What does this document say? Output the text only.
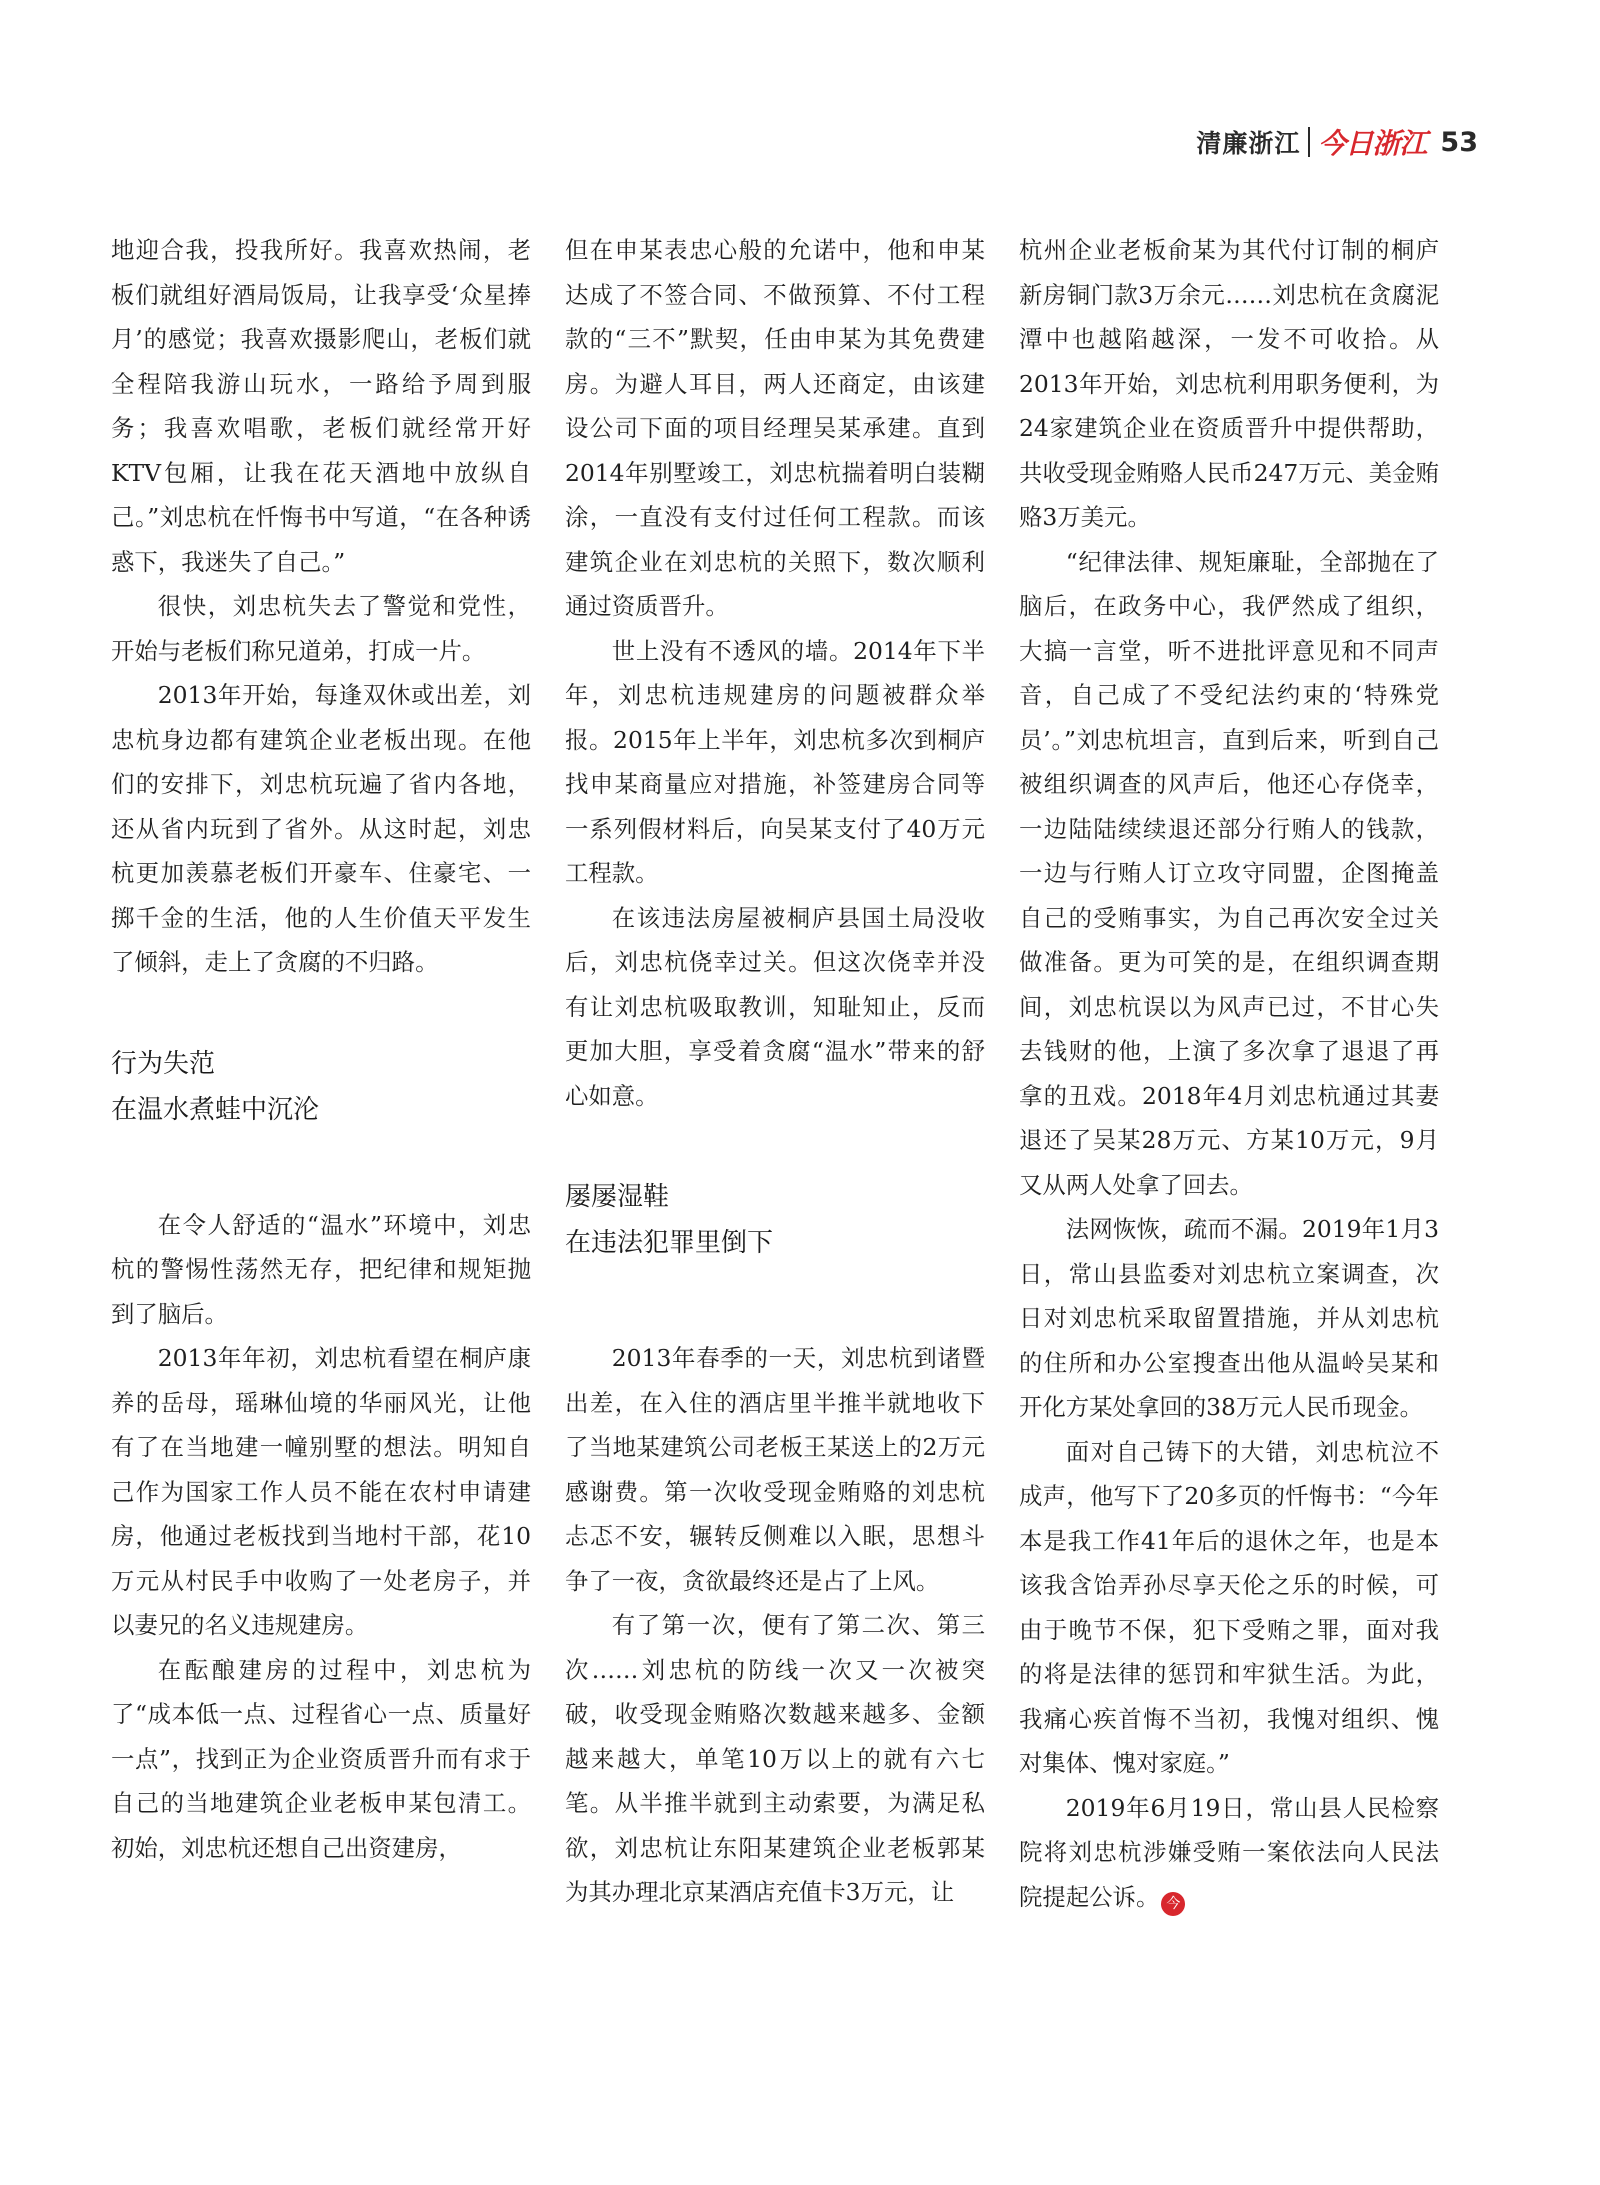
清廉浙江 今日浙江 53

地迎合我，投我所好。我喜欢热闹，老板们就组好酒局饭局，让我享受‘众星捧月’的感觉；我喜欢摄影爬山，老板们就全程陪我游山玩水，一路给予周到服务；我喜欢唱歌，老板们就经常开好KTV包厢，让我在花天酒地中放纵自己。”刘忠杭在忏悔书中写道，“在各种诱惑下，我迷失了自己。”

很快，刘忠杭失去了警觉和党性，开始与老板们称兄道弟，打成一片。

2013年开始，每逢双休或出差，刘忠杭身边都有建筑企业老板出现。在他们的安排下，刘忠杭玩遍了省内各地，还从省内玩到了省外。从这时起，刘忠杭更加羡慕老板们开豪车、住豪宅、一掷千金的生活，他的人生价值天平发生了倾斜，走上了贪腐的不归路。

行为失范
在温水煮蛙中沉沦

在令人舒适的“温水”环境中，刘忠杭的警惕性荡然无存，把纪律和规矩抛到了脑后。

2013年年初，刘忠杭看望在桐庐康养的岳母，瑶琳仙境的华丽风光，让他有了在当地建一幢别墅的想法。明知自己作为国家工作人员不能在农村申请建房，他通过老板找到当地村干部，花10万元从村民手中收购了一处老房子，并以妻兄的名义违规建房。

在酝酿建房的过程中，刘忠杭为了“成本低一点、过程省心一点、质量好一点”，找到正为企业资质晋升而有求于自己的当地建筑企业老板申某包清工。初始，刘忠杭还想自己出资建房，

但在申某表忠心般的允诺中，他和申某达成了不签合同、不做预算、不付工程款的“三不”默契，任由申某为其免费建房。为避人耳目，两人还商定，由该建设公司下面的项目经理吴某承建。直到2014年别墅竣工，刘忠杭揣着明白装糊涂，一直没有支付过任何工程款。而该建筑企业在刘忠杭的关照下，数次顺利通过资质晋升。

世上没有不透风的墙。2014年下半年，刘忠杭违规建房的问题被群众举报。2015年上半年，刘忠杭多次到桐庐找申某商量应对措施，补签建房合同等一系列假材料后，向吴某支付了40万元工程款。

在该违法房屋被桐庐县国土局没收后，刘忠杭侥幸过关。但这次侥幸并没有让刘忠杭吸取教训，知耻知止，反而更加大胆，享受着贪腐“温水”带来的舒心如意。

屡屡湿鞋
在违法犯罪里倒下

2013年春季的一天，刘忠杭到诸暨出差，在入住的酒店里半推半就地收下了当地某建筑公司老板王某送上的2万元感谢费。第一次收受现金贿赂的刘忠杭忐忑不安，辗转反侧难以入眠，思想斗争了一夜，贪欲最终还是占了上风。

有了第一次，便有了第二次、第三次……刘忠杭的防线一次又一次被突破，收受现金贿赂次数越来越多、金额越来越大，单笔10万以上的就有六七笔。从半推半就到主动索要，为满足私欲，刘忠杭让东阳某建筑企业老板郭某为其办理北京某酒店充值卡3万元，让

杭州企业老板俞某为其代付订制的桐庐新房铜门款3万余元……刘忠杭在贪腐泥潭中也越陷越深，一发不可收拾。从2013年开始，刘忠杭利用职务便利，为24家建筑企业在资质晋升中提供帮助，共收受现金贿赂人民币247万元、美金贿赂3万美元。

“纪律法律、规矩廉耻，全部抛在了脑后，在政务中心，我俨然成了组织，大搞一言堂，听不进批评意见和不同声音，自己成了不受纪法约束的‘特殊党员’。”刘忠杭坦言，直到后来，听到自己被组织调查的风声后，他还心存侥幸，一边陆陆续续退还部分行贿人的钱款，一边与行贿人订立攻守同盟，企图掩盖自己的受贿事实，为自己再次安全过关做准备。更为可笑的是，在组织调查期间，刘忠杭误以为风声已过，不甘心失去钱财的他，上演了多次拿了退退了再拿的丑戏。2018年4月刘忠杭通过其妻退还了吴某28万元、方某10万元，9月又从两人处拿了回去。

法网恢恢，疏而不漏。2019年1月3日，常山县监委对刘忠杭立案调查，次日对刘忠杭采取留置措施，并从刘忠杭的住所和办公室搜查出他从温岭吴某和开化方某处拿回的38万元人民币现金。

面对自己铸下的大错，刘忠杭泣不成声，他写下了20多页的忏悔书：“今年本是我工作41年后的退休之年，也是本该我含饴弄孙尽享天伦之乐的时候，可由于晚节不保，犯下受贿之罪，面对我的将是法律的惩罚和牢狱生活。为此，我痛心疾首悔不当初，我愧对组织、愧对集体、愧对家庭。”

2019年6月19日，常山县人民检察院将刘忠杭涉嫌受贿一案依法向人民法院提起公诉。 今
